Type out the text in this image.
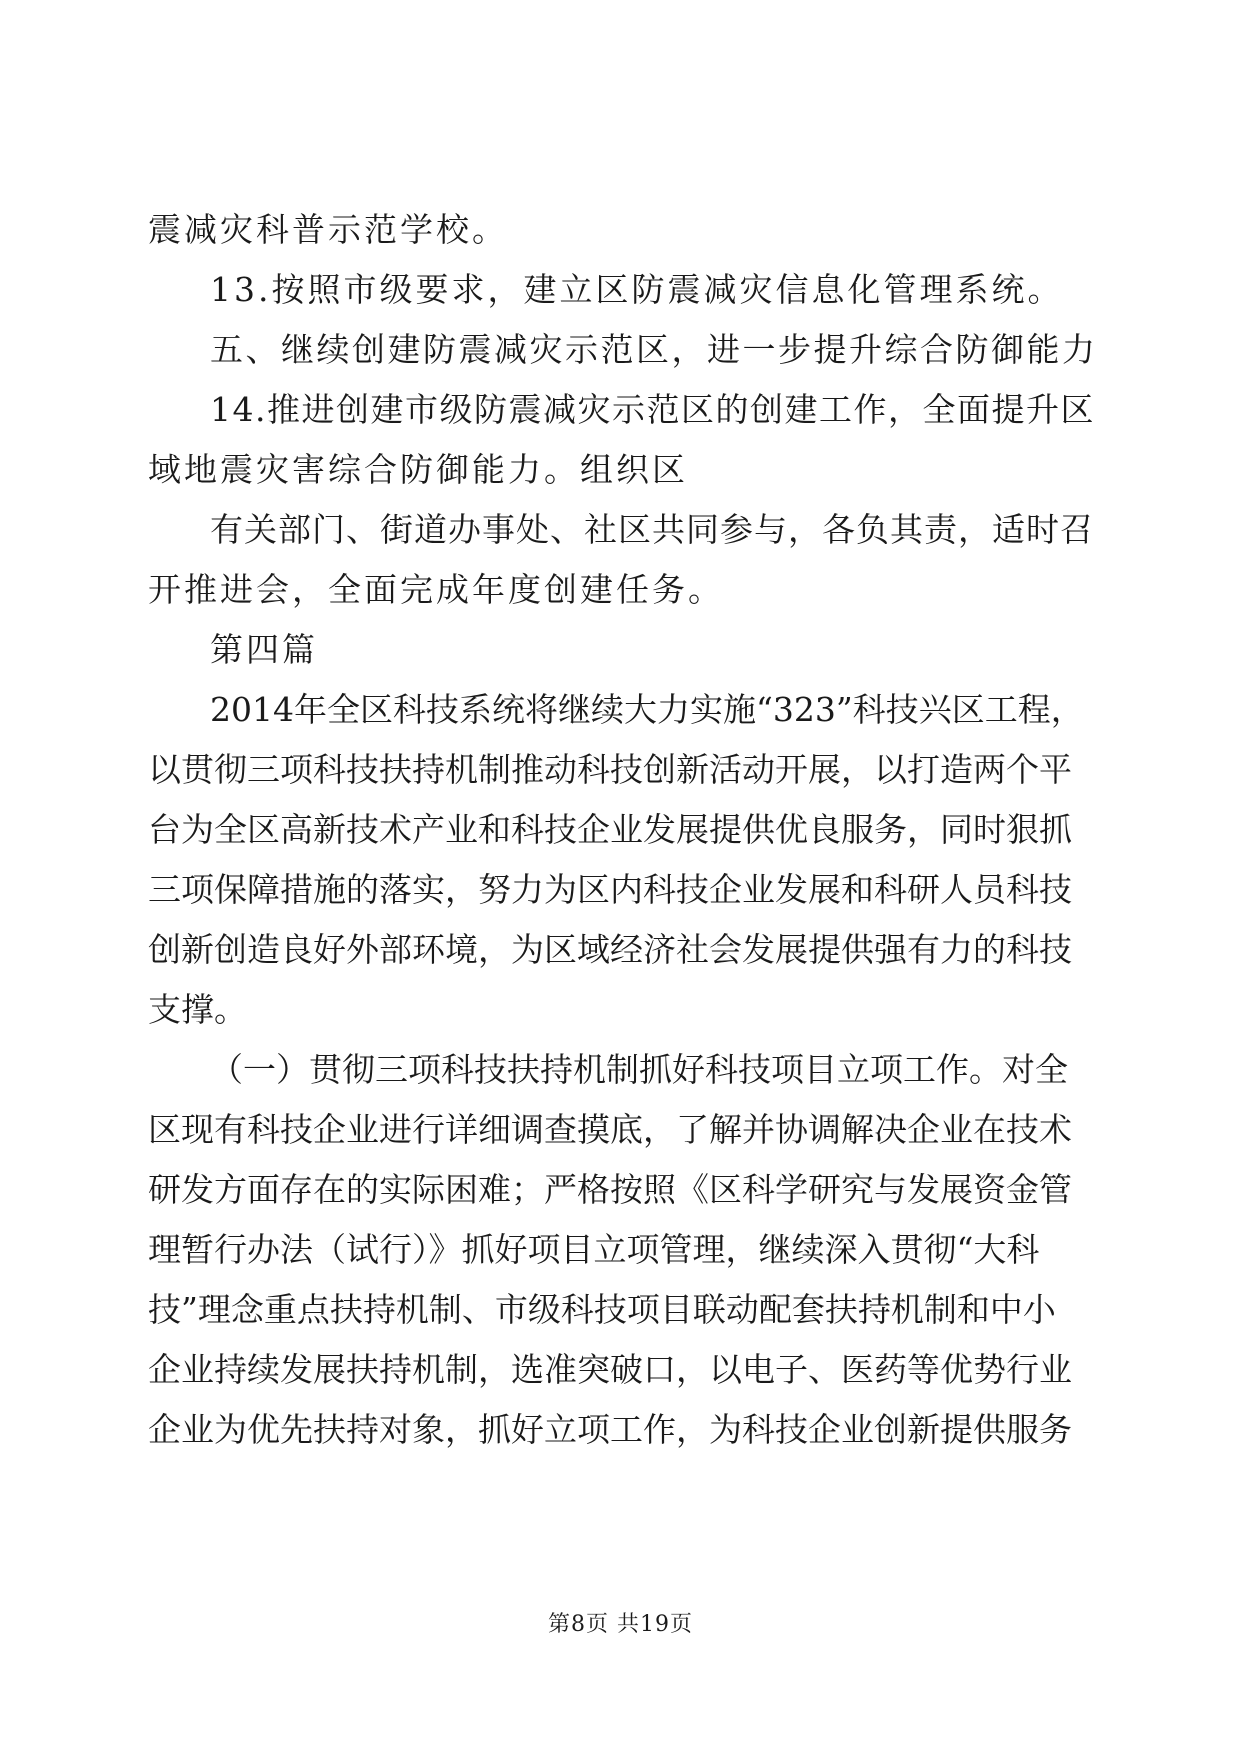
震减灾科普示范学校。
13.按照市级要求，建立区防震减灾信息化管理系统。
五、继续创建防震减灾示范区，进一步提升综合防御能力
14.推进创建市级防震减灾示范区的创建工作，全面提升区
域地震灾害综合防御能力。组织区
有关部门、街道办事处、社区共同参与，各负其责，适时召
开推进会，全面完成年度创建任务。
第四篇
2014年全区科技系统将继续大力实施“323”科技兴区工程，
以贯彻三项科技扶持机制推动科技创新活动开展，以打造两个平
台为全区高新技术产业和科技企业发展提供优良服务，同时狠抓
三项保障措施的落实，努力为区内科技企业发展和科研人员科技
创新创造良好外部环境，为区域经济社会发展提供强有力的科技
支撑。
（一）贯彻三项科技扶持机制抓好科技项目立项工作。对全
区现有科技企业进行详细调查摸底，了解并协调解决企业在技术
研发方面存在的实际困难；严格按照《区科学研究与发展资金管
理暂行办法（试行）》抓好项目立项管理，继续深入贯彻“大科
技”理念重点扶持机制、市级科技项目联动配套扶持机制和中小
企业持续发展扶持机制，选准突破口，以电子、医药等优势行业
企业为优先扶持对象，抓好立项工作，为科技企业创新提供服务
第8页 共19页
